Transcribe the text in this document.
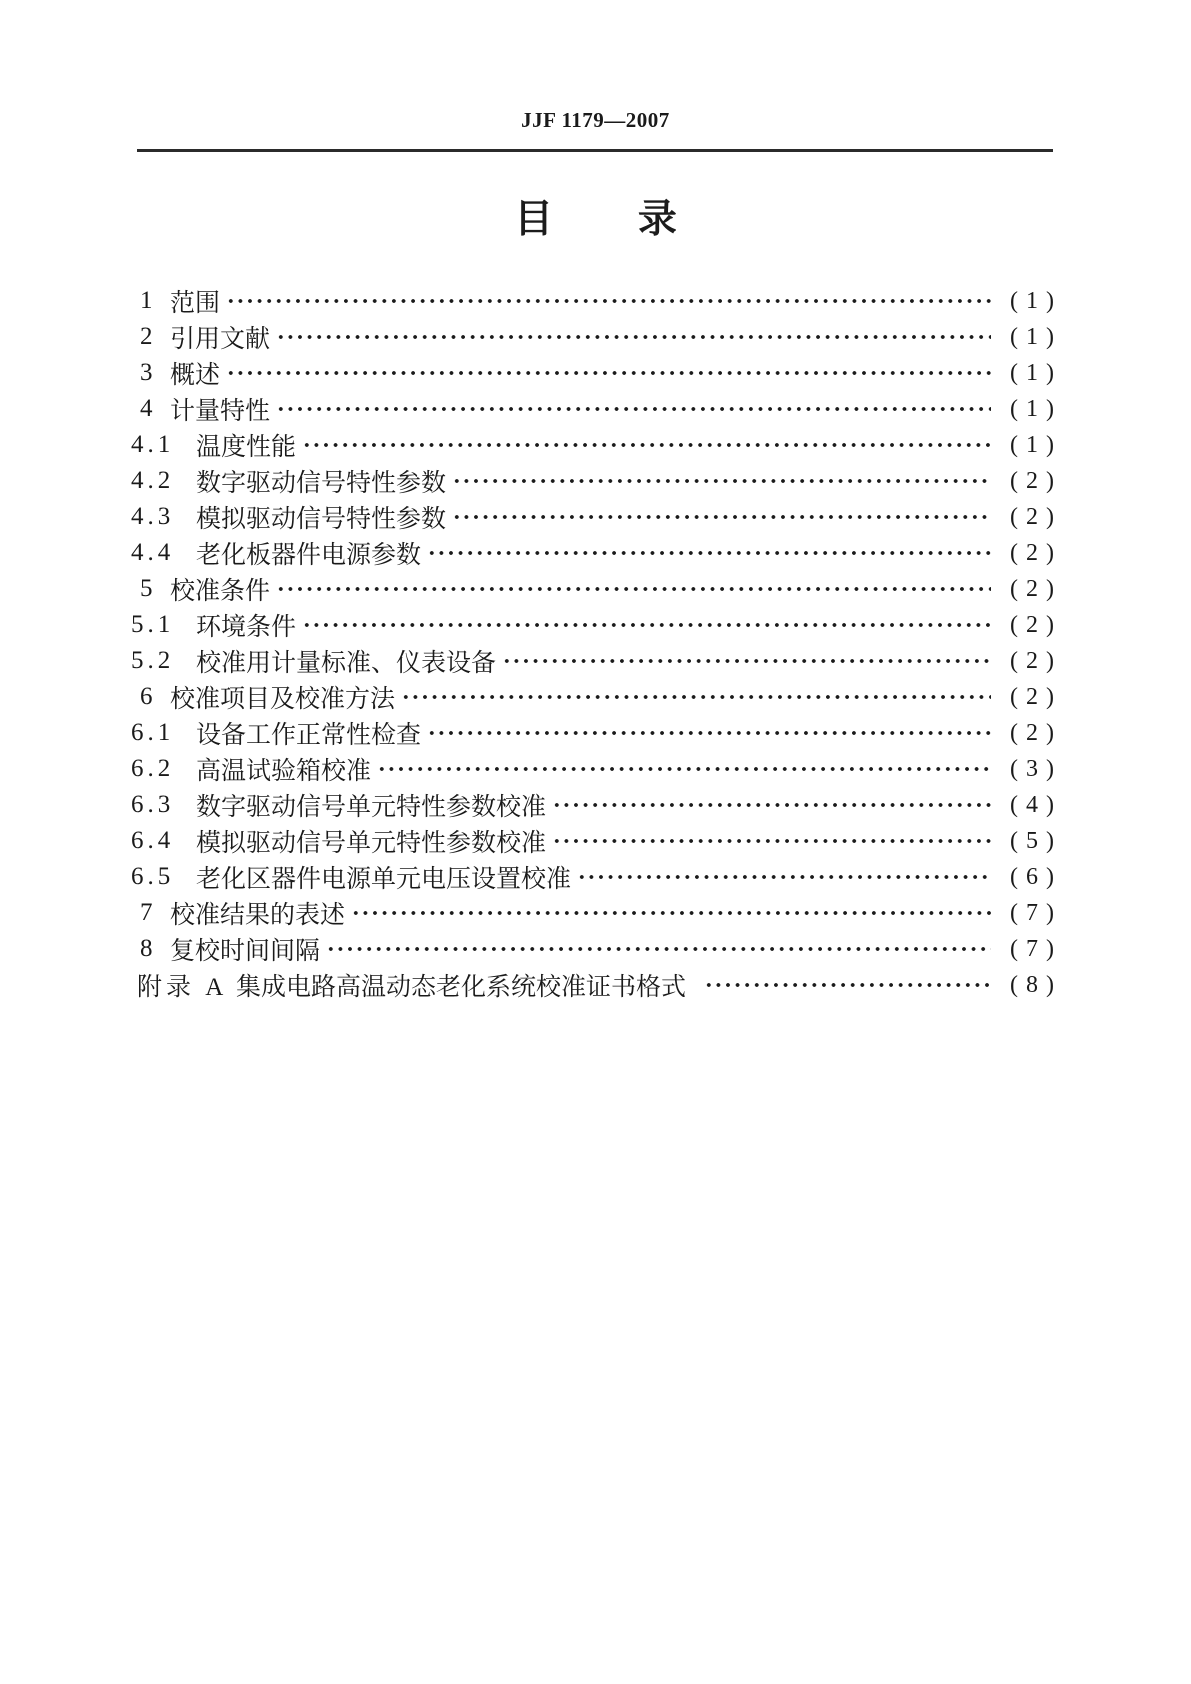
JJF 1179—2007
目 录
1 范围	( 1 )
2 引用文献	( 1 )
3 概述	( 1 )
4 计量特性	( 1 )
4.1 温度性能	( 1 )
4.2 数字驱动信号特性参数	( 2 )
4.3 模拟驱动信号特性参数	( 2 )
4.4 老化板器件电源参数	( 2 )
5 校准条件	( 2 )
5.1 环境条件	( 2 )
5.2 校准用计量标准、仪表设备	( 2 )
6 校准项目及校准方法	( 2 )
6.1 设备工作正常性检查	( 2 )
6.2 高温试验箱校准	( 3 )
6.3 数字驱动信号单元特性参数校准	( 4 )
6.4 模拟驱动信号单元特性参数校准	( 5 )
6.5 老化区器件电源单元电压设置校准	( 6 )
7 校准结果的表述	( 7 )
8 复校时间间隔	( 7 )
附录 A 集成电路高温动态老化系统校准证书格式	( 8 )
